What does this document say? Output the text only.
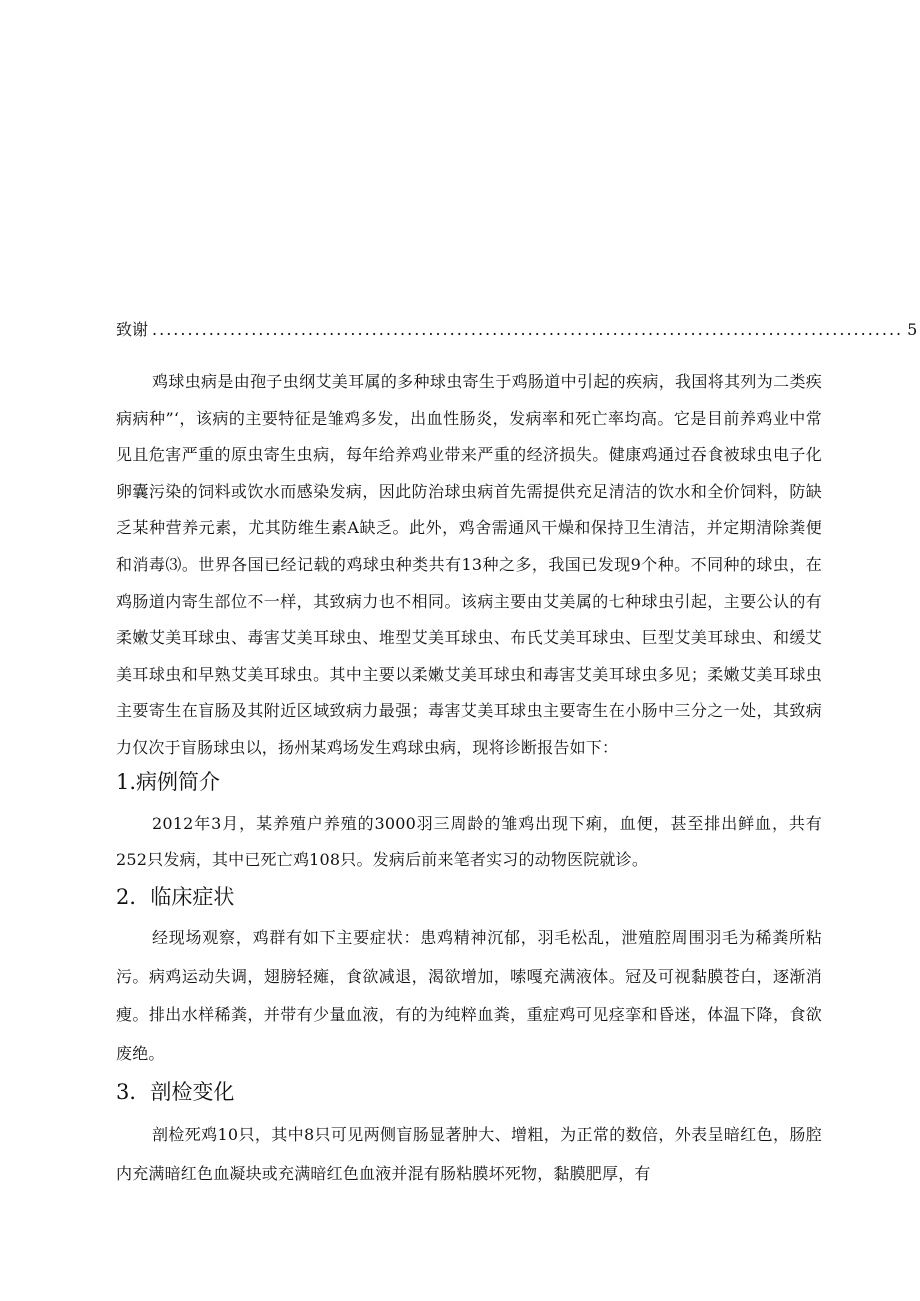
致谢 .......................................................................................................... 5

鸡球虫病是由孢子虫纲艾美耳属的多种球虫寄生于鸡肠道中引起的疾病，我国将其列为二类疾病病种”‘，该病的主要特征是雏鸡多发，出血性肠炎，发病率和死亡率均高。它是目前养鸡业中常见且危害严重的原虫寄生虫病，每年给养鸡业带来严重的经济损失。健康鸡通过吞食被球虫电子化卵囊污染的饲料或饮水而感染发病，因此防治球虫病首先需提供充足清洁的饮水和全价饲料，防缺乏某种营养元素，尤其防维生素A缺乏。此外，鸡舍需通风干燥和保持卫生清洁，并定期清除粪便和消毒⑶。世界各国已经记载的鸡球虫种类共有13种之多，我国已发现9个种。不同种的球虫，在鸡肠道内寄生部位不一样，其致病力也不相同。该病主要由艾美属的七种球虫引起，主要公认的有柔嫩艾美耳球虫、毒害艾美耳球虫、堆型艾美耳球虫、布氏艾美耳球虫、巨型艾美耳球虫、和缓艾美耳球虫和早熟艾美耳球虫。其中主要以柔嫩艾美耳球虫和毒害艾美耳球虫多见；柔嫩艾美耳球虫主要寄生在盲肠及其附近区域致病力最强；毒害艾美耳球虫主要寄生在小肠中三分之一处，其致病力仅次于盲肠球虫以，扬州某鸡场发生鸡球虫病，现将诊断报告如下：

1.病例简介

2012年3月，某养殖户养殖的3000羽三周龄的雏鸡出现下痢，血便，甚至排出鲜血，共有252只发病，其中已死亡鸡108只。发病后前来笔者实习的动物医院就诊。

2．临床症状

经现场观察，鸡群有如下主要症状：患鸡精神沉郁，羽毛松乱，泄殖腔周围羽毛为稀粪所粘污。病鸡运动失调，翅膀轻瘫，食欲减退，渴欲增加，嗦嘎充满液体。冠及可视黏膜苍白，逐渐消瘦。排出水样稀粪，并带有少量血液，有的为纯粹血粪，重症鸡可见痉挛和昏迷，体温下降，食欲废绝。

3．剖检变化

剖检死鸡10只，其中8只可见两侧盲肠显著肿大、增粗，为正常的数倍，外表呈暗红色，肠腔内充满暗红色血凝块或充满暗红色血液并混有肠粘膜坏死物，黏膜肥厚，有
